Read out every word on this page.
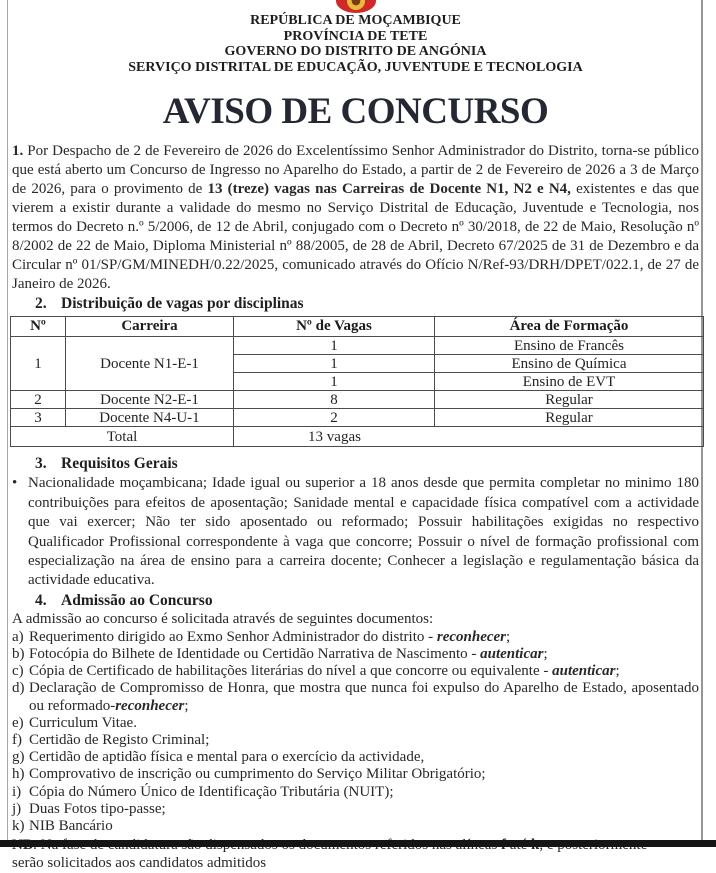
REPÚBLICA DE MOÇAMBIQUE
PROVÍNCIA DE TETE
GOVERNO DO DISTRITO DE ANGÓNIA
SERVIÇO DISTRITAL DE EDUCAÇÃO, JUVENTUDE E TECNOLOGIA
AVISO DE CONCURSO
1. Por Despacho de 2 de Fevereiro de 2026 do Excelentíssimo Senhor Administrador do Distrito, torna-se público que está aberto um Concurso de Ingresso no Aparelho do Estado, a partir de 2 de Fevereiro de 2026 a 3 de Março de 2026, para o provimento de 13 (treze) vagas nas Carreiras de Docente N1, N2 e N4, existentes e das que vierem a existir durante a validade do mesmo no Serviço Distrital de Educação, Juventude e Tecnologia, nos termos do Decreto n.º 5/2006, de 12 de Abril, conjugado com o Decreto nº 30/2018, de 22 de Maio, Resolução nº 8/2002 de 22 de Maio, Diploma Ministerial nº 88/2005, de 28 de Abril, Decreto 67/2025 de 31 de Dezembro e da Circular nº 01/SP/GM/MINEDH/0.22/2025, comunicado através do Ofício N/Ref-93/DRH/DPET/022.1, de 27 de Janeiro de 2026.
2. Distribuição de vagas por disciplinas
Nº	Carreira	Nº de Vagas	Área de Formação
1	Docente N1-E-1	1	Ensino de Francês
		1	Ensino de Química
		1	Ensino de EVT
2	Docente N2-E-1	8	Regular
3	Docente N4-U-1	2	Regular
Total		13 vagas	
3. Requisitos Gerais
• Nacionalidade moçambicana; Idade igual ou superior a 18 anos desde que permita completar no minimo 180 contribuições para efeitos de aposentação; Sanidade mental e capacidade física compatível com a actividade que vai exercer; Não ter sido aposentado ou reformado; Possuir habilitações exigidas no respectivo Qualificador Profissional correspondente à vaga que concorre; Possuir o nível de formação profissional com especialização na área de ensino para a carreira docente; Conhecer a legislação e regulamentação básica da actividade educativa.
4. Admissão ao Concurso
A admissão ao concurso é solicitada através de seguintes documentos:
a) Requerimento dirigido ao Exmo Senhor Administrador do distrito - reconhecer;
b) Fotocópia do Bilhete de Identidade ou Certidão Narrativa de Nascimento - autenticar;
c) Cópia de Certificado de habilitações literárias do nível a que concorre ou equivalente - autenticar;
d) Declaração de Compromisso de Honra, que mostra que nunca foi expulso do Aparelho de Estado, aposentado ou reformado-reconhecer;
e) Curriculum Vitae.
f) Certidão de Registo Criminal;
g) Certidão de aptidão física e mental para o exercício da actividade,
h) Comprovativo de inscrição ou cumprimento do Serviço Militar Obrigatório;
i) Cópia do Número Único de Identificação Tributária (NUIT);
j) Duas Fotos tipo-passe;
k) NIB Bancário
serão solicitados aos candidatos admitidos
